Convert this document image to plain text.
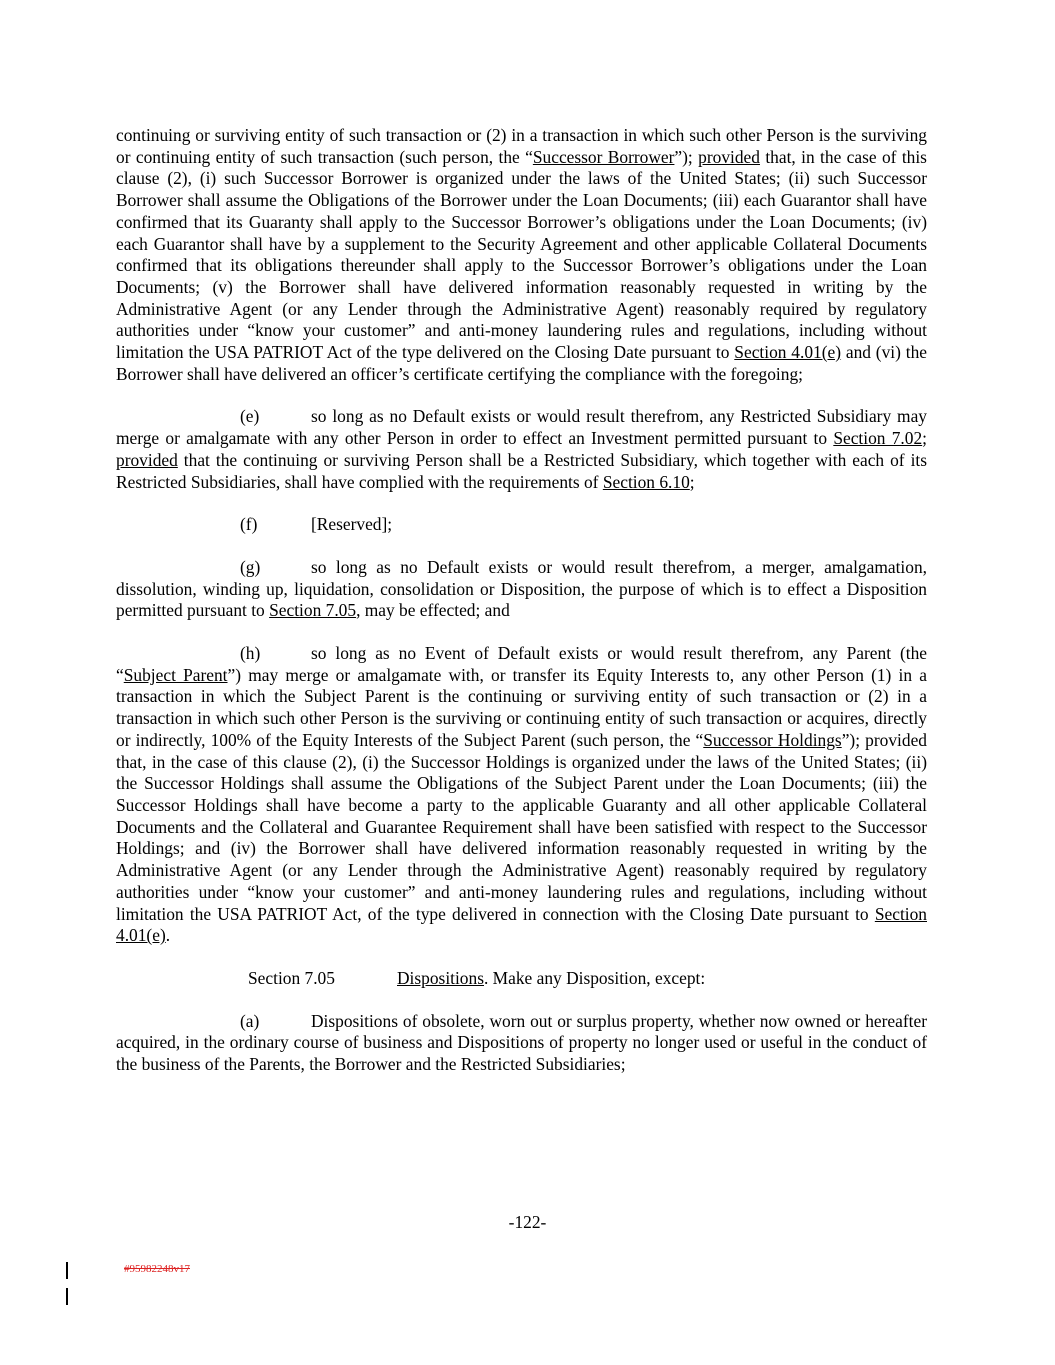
continuing or surviving entity of such transaction or (2) in a transaction in which such other Person is the surviving or continuing entity of such transaction (such person, the “Successor Borrower”); provided that, in the case of this clause (2), (i) such Successor Borrower is organized under the laws of the United States; (ii) such Successor Borrower shall assume the Obligations of the Borrower under the Loan Documents; (iii) each Guarantor shall have confirmed that its Guaranty shall apply to the Successor Borrower’s obligations under the Loan Documents; (iv) each Guarantor shall have by a supplement to the Security Agreement and other applicable Collateral Documents confirmed that its obligations thereunder shall apply to the Successor Borrower’s obligations under the Loan Documents; (v) the Borrower shall have delivered information reasonably requested in writing by the Administrative Agent (or any Lender through the Administrative Agent) reasonably required by regulatory authorities under “know your customer” and anti-money laundering rules and regulations, including without limitation the USA PATRIOT Act of the type delivered on the Closing Date pursuant to Section 4.01(e) and (vi) the Borrower shall have delivered an officer’s certificate certifying the compliance with the foregoing;

(e)	so long as no Default exists or would result therefrom, any Restricted Subsidiary may merge or amalgamate with any other Person in order to effect an Investment permitted pursuant to Section 7.02; provided that the continuing or surviving Person shall be a Restricted Subsidiary, which together with each of its Restricted Subsidiaries, shall have complied with the requirements of Section 6.10;

(f)	[Reserved];

(g)	so long as no Default exists or would result therefrom, a merger, amalgamation, dissolution, winding up, liquidation, consolidation or Disposition, the purpose of which is to effect a Disposition permitted pursuant to Section 7.05, may be effected; and

(h)	so long as no Event of Default exists or would result therefrom, any Parent (the “Subject Parent”) may merge or amalgamate with, or transfer its Equity Interests to, any other Person (1) in a transaction in which the Subject Parent is the continuing or surviving entity of such transaction or (2) in a transaction in which such other Person is the surviving or continuing entity of such transaction or acquires, directly or indirectly, 100% of the Equity Interests of the Subject Parent (such person, the “Successor Holdings”); provided that, in the case of this clause (2), (i) the Successor Holdings is organized under the laws of the United States; (ii) the Successor Holdings shall assume the Obligations of the Subject Parent under the Loan Documents; (iii) the Successor Holdings shall have become a party to the applicable Guaranty and all other applicable Collateral Documents and the Collateral and Guarantee Requirement shall have been satisfied with respect to the Successor Holdings; and (iv) the Borrower shall have delivered information reasonably requested in writing by the Administrative Agent (or any Lender through the Administrative Agent) reasonably required by regulatory authorities under “know your customer” and anti-money laundering rules and regulations, including without limitation the USA PATRIOT Act, of the type delivered in connection with the Closing Date pursuant to Section 4.01(e).

Section 7.05	Dispositions. Make any Disposition, except:

(a)	Dispositions of obsolete, worn out or surplus property, whether now owned or hereafter acquired, in the ordinary course of business and Dispositions of property no longer used or useful in the conduct of the business of the Parents, the Borrower and the Restricted Subsidiaries;

-122-
#95982248v17
